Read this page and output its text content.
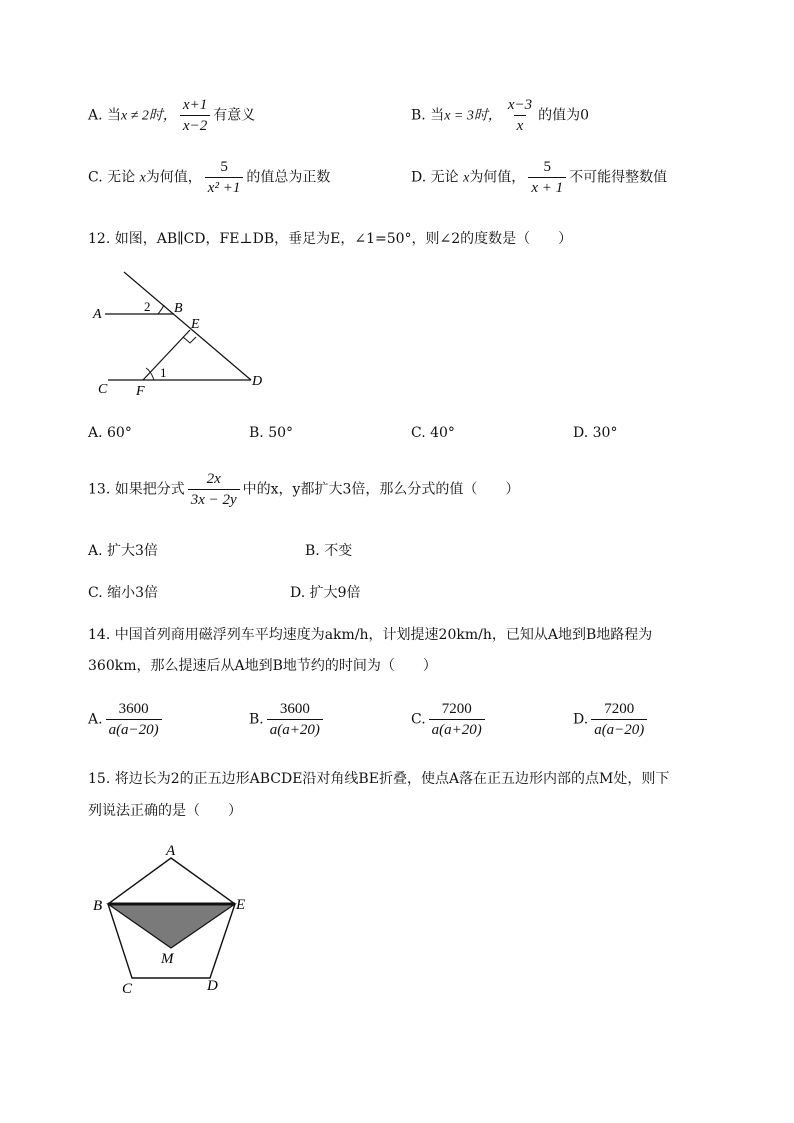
A. 当x ≠ 2时， $\frac{x+1}{x-2}$ 有意义	B. 当x = 3时， $\frac{x-3}{x}$ 的值为0
C. 无论 x为何值， $\frac{5}{\text{x² +1}}$ 的值总为正数	D. 无论 x为何值， $\frac{5}{x + 1}$ 不可能得整数值
12. 如图，AB∥CD，FE⊥DB，垂足为E，∠1=50°，则∠2的度数是（　　）
A	B
E
C F
D
1
2
A. 60°	B. 50°	C. 40°	D. 30°
13. 如果把分式 $\frac{2x}{3x - 2y}$ 中的x，y都扩大3倍，那么分式的值（　　）
A. 扩大3倍	B. 不变
C. 缩小3倍	D. 扩大9倍
14. 中国首列商用磁浮列车平均速度为akm/h，计划提速20km/h，已知从A地到B地路程为
360km，那么提速后从A地到B地节约的时间为（　　）
A. $\frac{3600}{a(a-20)}$	B. $\frac{3600}{a(a+20)}$	C. $\frac{7200}{a(a+20)}$	D. $\frac{7200}{a(a-20)}$
15. 将边长为2的正五边形ABCDE沿对角线BE折叠，使点A落在正五边形内部的点M处，则下
列说法正确的是（　　）
A
B	E
M
C	D
